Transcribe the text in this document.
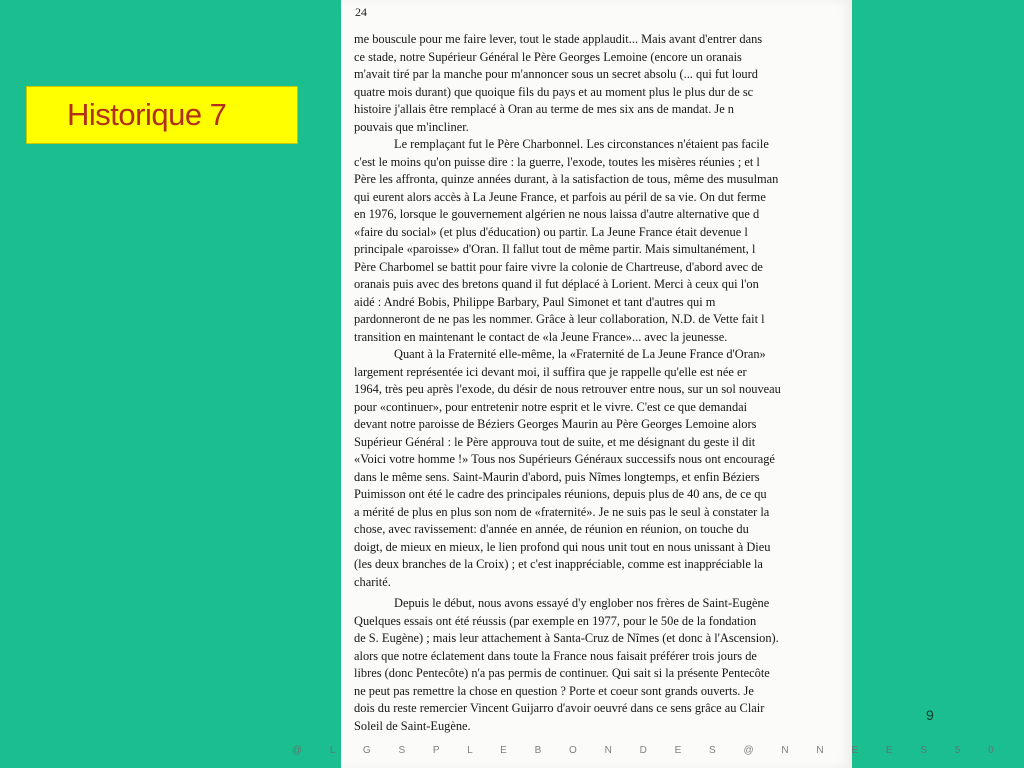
Historique 7
24
me bouscule pour me faire lever, tout le stade applaudit... Mais avant d'entrer dans
ce stade, notre Supérieur Général le Père Georges Lemoine (encore un oranais
m'avait tiré par la manche pour m'annoncer sous un secret absolu (... qui fut lourd
quatre mois durant) que quoique fils du pays et au moment plus le plus dur de sc
histoire j'allais être remplacé à Oran au terme de mes six ans de mandat. Je n
pouvais que m'incliner.
Le remplaçant fut le Père Charbonnel. Les circonstances n'étaient pas facile
c'est le moins qu'on puisse dire : la guerre, l'exode, toutes les misères réunies ; et l
Père les affronta, quinze années durant, à la satisfaction de tous, même des musulman
qui eurent alors accès à La Jeune France, et parfois au péril de sa vie. On dut ferme
en 1976, lorsque le gouvernement algérien ne nous laissa d'autre alternative que d
«faire du social» (et plus d'éducation) ou partir. La Jeune France était devenue l
principale «paroisse» d'Oran. Il fallut tout de même partir. Mais simultanément, l
Père Charbomel se battit pour faire vivre la colonie de Chartreuse, d'abord avec de
oranais puis avec des bretons quand il fut déplacé à Lorient. Merci à ceux qui l'on
aidé : André Bobis, Philippe Barbary, Paul Simonet et tant d'autres qui m
pardonneront de ne pas les nommer. Grâce à leur collaboration, N.D. de Vette fait l
transition en maintenant le contact de «la Jeune France»... avec la jeunesse.
Quant à la Fraternité elle-même, la «Fraternité de La Jeune France d'Oran»
largement représentée ici devant moi, il suffira que je rappelle qu'elle est née er
1964, très peu après l'exode, du désir de nous retrouver entre nous, sur un sol nouveau
pour «continuer», pour entretenir notre esprit et le vivre. C'est ce que demandai
devant notre paroisse de Béziers Georges Maurin au Père Georges Lemoine alors
Supérieur Général : le Père approuva tout de suite, et me désignant du geste il dit
«Voici votre homme !» Tous nos Supérieurs Généraux successifs nous ont encouragé
dans le même sens. Saint-Maurin d'abord, puis Nîmes longtemps, et enfin Béziers
Puimisson ont été le cadre des principales réunions, depuis plus de 40 ans, de ce qu
a mérité de plus en plus son nom de «fraternité». Je ne suis pas le seul à constater la
chose, avec ravissement: d'année en année, de réunion en réunion, on touche du
doigt, de mieux en mieux, le lien profond qui nous unit tout en nous unissant à Dieu
(les deux branches de la Croix) ; et c'est inappréciable, comme est inappréciable la
charité.
Depuis le début, nous avons essayé d'y englober nos frères de Saint-Eugène
Quelques essais ont été réussis (par exemple en 1977, pour le 50e de la fondation
de S. Eugène) ; mais leur attachement à Santa-Cruz de Nîmes (et donc à l'Ascension).
alors que notre éclatement dans toute la France nous faisait préférer trois jours de
libres (donc Pentecôte) n'a pas permis de continuer. Qui sait si la présente Pentecôte
ne peut pas remettre la chose en question ? Porte et coeur sont grands ouverts. Je
dois du reste remercier Vincent Guijarro d'avoir oeuvré dans ce sens grâce au Clair
Soleil de Saint-Eugène.
9
@ L G S P L E B O N D E S @ N N E E S 5 0
